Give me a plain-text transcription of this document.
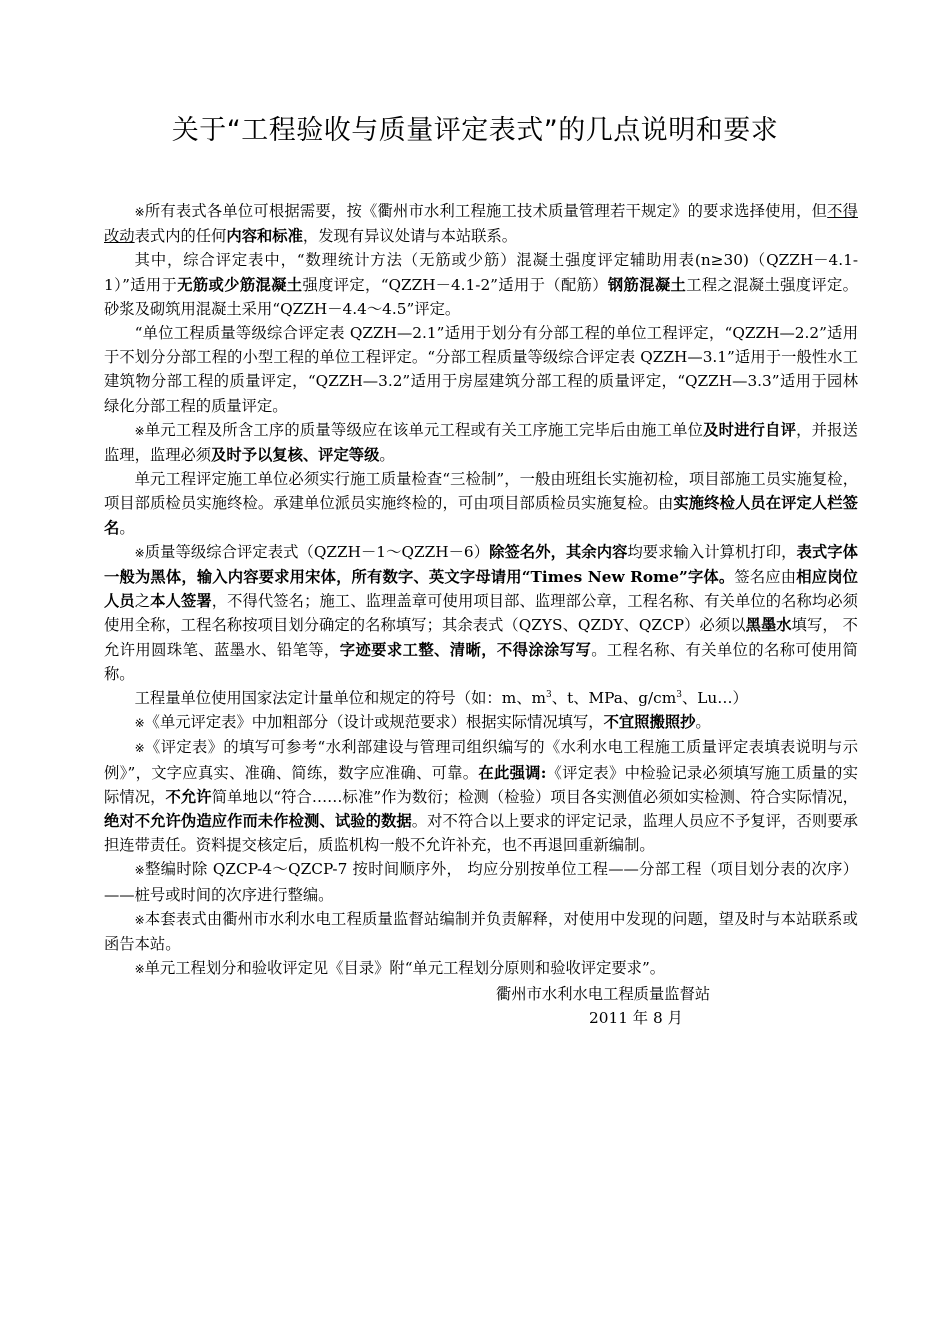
关于“工程验收与质量评定表式”的几点说明和要求

※所有表式各单位可根据需要，按《衢州市水利工程施工技术质量管理若干规定》的要求选择使用，但不得改动表式内的任何内容和标准，发现有异议处请与本站联系。

其中，综合评定表中，“数理统计方法（无筋或少筋）混凝土强度评定辅助用表(n≥30)（QZZH－4.1-1）”适用于无筋或少筋混凝土强度评定，“QZZH－4.1-2”适用于（配筋）钢筋混凝土工程之混凝土强度评定。砂浆及砌筑用混凝土采用“QZZH－4.4～4.5”评定。

“单位工程质量等级综合评定表 QZZH—2.1”适用于划分有分部工程的单位工程评定，“QZZH—2.2”适用于不划分分部工程的小型工程的单位工程评定。“分部工程质量等级综合评定表 QZZH—3.1”适用于一般性水工建筑物分部工程的质量评定，“QZZH—3.2”适用于房屋建筑分部工程的质量评定，“QZZH—3.3”适用于园林绿化分部工程的质量评定。

※单元工程及所含工序的质量等级应在该单元工程或有关工序施工完毕后由施工单位及时进行自评，并报送监理，监理必须及时予以复核、评定等级。

单元工程评定施工单位必须实行施工质量检查“三检制”，一般由班组长实施初检，项目部施工员实施复检，项目部质检员实施终检。承建单位派员实施终检的，可由项目部质检员实施复检。由实施终检人员在评定人栏签名。

※质量等级综合评定表式（QZZH－1～QZZH－6）除签名外，其余内容均要求输入计算机打印，表式字体一般为黑体，输入内容要求用宋体，所有数字、英文字母请用“Times New Rome”字体。签名应由相应岗位人员之本人签署，不得代签名；施工、监理盖章可使用项目部、监理部公章，工程名称、有关单位的名称均必须使用全称，工程名称按项目划分确定的名称填写；其余表式（QZYS、QZDY、QZCP）必须以黑墨水填写， 不允许用圆珠笔、蓝墨水、铅笔等，字迹要求工整、清晰，不得涂涂写写。工程名称、有关单位的名称可使用简称。

工程量单位使用国家法定计量单位和规定的符号（如：m、$m^3$、t、MPa、$g/cm^3$、Lu…）

※《单元评定表》中加粗部分（设计或规范要求）根据实际情况填写，不宜照搬照抄。

※《评定表》的填写可参考“水利部建设与管理司组织编写的《水利水电工程施工质量评定表填表说明与示例》”，文字应真实、准确、简练，数字应准确、可靠。在此强调:《评定表》中检验记录必须填写施工质量的实际情况，不允许简单地以“符合……标准”作为数衍；检测（检验）项目各实测值必须如实检测、符合实际情况，绝对不允许伪造应作而未作检测、试验的数据。对不符合以上要求的评定记录，监理人员应不予复评，否则要承担连带责任。资料提交核定后，质监机构一般不允许补充，也不再退回重新编制。

※整编时除 QZCP-4～QZCP-7 按时间顺序外， 均应分别按单位工程——分部工程（项目划分表的次序）——桩号或时间的次序进行整编。

※本套表式由衢州市水利水电工程质量监督站编制并负责解释，对使用中发现的问题，望及时与本站联系或函告本站。

※单元工程划分和验收评定见《目录》附“单元工程划分原则和验收评定要求”。

衢州市水利水电工程质量监督站

2011 年 8 月
